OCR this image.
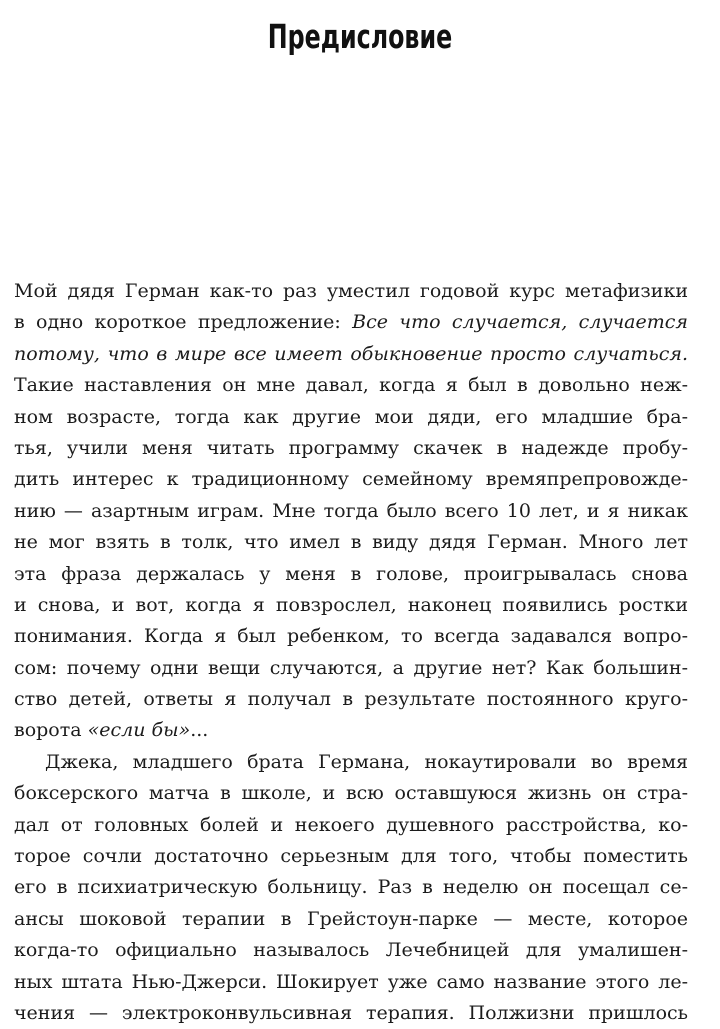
Предисловие
Мой дядя Герман как-то раз уместил годовой курс метафизики
в одно короткое предложение: Все что случается, случается
потому, что в мире все имеет обыкновение просто случаться.
Такие наставления он мне давал, когда я был в довольно неж-
ном возрасте, тогда как другие мои дяди, его младшие бра-
тья, учили меня читать программу скачек в надежде пробу-
дить интерес к традиционному семейному времяпрепровожде-
нию — азартным играм. Мне тогда было всего 10 лет, и я никак
не мог взять в толк, что имел в виду дядя Герман. Много лет
эта фраза держалась у меня в голове, проигрывалась снова
и снова, и вот, когда я повзрослел, наконец появились ростки
понимания. Когда я был ребенком, то всегда задавался вопро-
сом: почему одни вещи случаются, а другие нет? Как большин-
ство детей, ответы я получал в результате постоянного круго-
ворота «если бы»...
Джека, младшего брата Германа, нокаутировали во время
боксерского матча в школе, и всю оставшуюся жизнь он стра-
дал от головных болей и некоего душевного расстройства, ко-
торое сочли достаточно серьезным для того, чтобы поместить
его в психиатрическую больницу. Раз в неделю он посещал се-
ансы шоковой терапии в Грейстоун-парке — месте, которое
когда-то официально называлось Лечебницей для умалишен-
ных штата Нью-Джерси. Шокирует уже само название этого ле-
чения — электроконвульсивная терапия. Полжизни пришлось
